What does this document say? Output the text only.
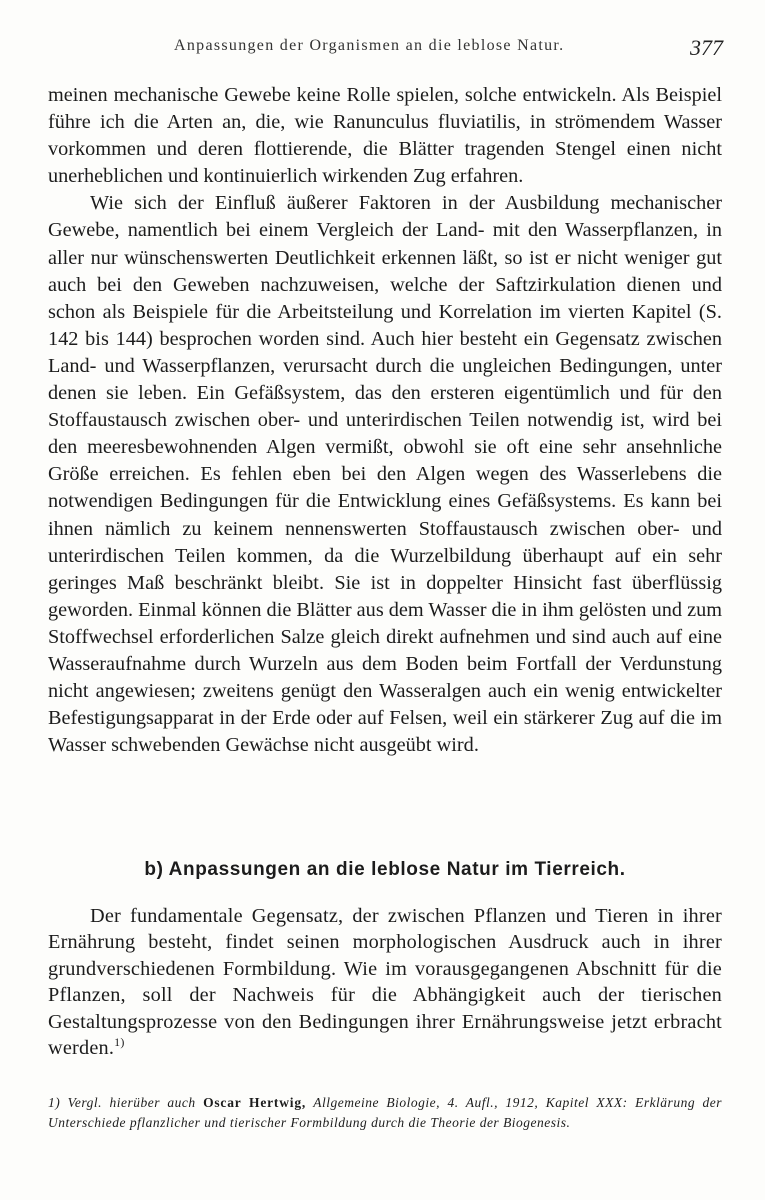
Anpassungen der Organismen an die leblose Natur.	377

meinen mechanische Gewebe keine Rolle spielen, solche entwickeln. Als Beispiel führe ich die Arten an, die, wie Ranunculus fluviatilis, in strömendem Wasser vorkommen und deren flottierende, die Blätter tragenden Stengel einen nicht unerheblichen und kontinuierlich wirkenden Zug erfahren.

Wie sich der Einfluß äußerer Faktoren in der Ausbildung mechanischer Gewebe, namentlich bei einem Vergleich der Land- mit den Wasserpflanzen, in aller nur wünschenswerten Deutlichkeit erkennen läßt, so ist er nicht weniger gut auch bei den Geweben nachzuweisen, welche der Saftzirkulation dienen und schon als Beispiele für die Arbeitsteilung und Korrelation im vierten Kapitel (S. 142 bis 144) besprochen worden sind. Auch hier besteht ein Gegensatz zwischen Land- und Wasserpflanzen, verursacht durch die ungleichen Bedingungen, unter denen sie leben. Ein Gefäßsystem, das den ersteren eigentümlich und für den Stoffaustausch zwischen ober- und unterirdischen Teilen notwendig ist, wird bei den meeresbewohnenden Algen vermißt, obwohl sie oft eine sehr ansehnliche Größe erreichen. Es fehlen eben bei den Algen wegen des Wasserlebens die notwendigen Bedingungen für die Entwicklung eines Gefäßsystems. Es kann bei ihnen nämlich zu keinem nennenswerten Stoffaustausch zwischen ober- und unterirdischen Teilen kommen, da die Wurzelbildung überhaupt auf ein sehr geringes Maß beschränkt bleibt. Sie ist in doppelter Hinsicht fast überflüssig geworden. Einmal können die Blätter aus dem Wasser die in ihm gelösten und zum Stoffwechsel erforderlichen Salze gleich direkt aufnehmen und sind auch auf eine Wasseraufnahme durch Wurzeln aus dem Boden beim Fortfall der Verdunstung nicht angewiesen; zweitens genügt den Wasseralgen auch ein wenig entwickelter Befestigungsapparat in der Erde oder auf Felsen, weil ein stärkerer Zug auf die im Wasser schwebenden Gewächse nicht ausgeübt wird.

b) Anpassungen an die leblose Natur im Tierreich.

Der fundamentale Gegensatz, der zwischen Pflanzen und Tieren in ihrer Ernährung besteht, findet seinen morphologischen Ausdruck auch in ihrer grundverschiedenen Formbildung. Wie im vorausgegangenen Abschnitt für die Pflanzen, soll der Nachweis für die Abhängigkeit auch der tierischen Gestaltungsprozesse von den Bedingungen ihrer Ernährungsweise jetzt erbracht werden.$^{1)}$

1) Vergl. hierüber auch Oscar Hertwig, Allgemeine Biologie, 4. Aufl., 1912, Kapitel XXX: Erklärung der Unterschiede pflanzlicher und tierischer Formbildung durch die Theorie der Biogenesis.
